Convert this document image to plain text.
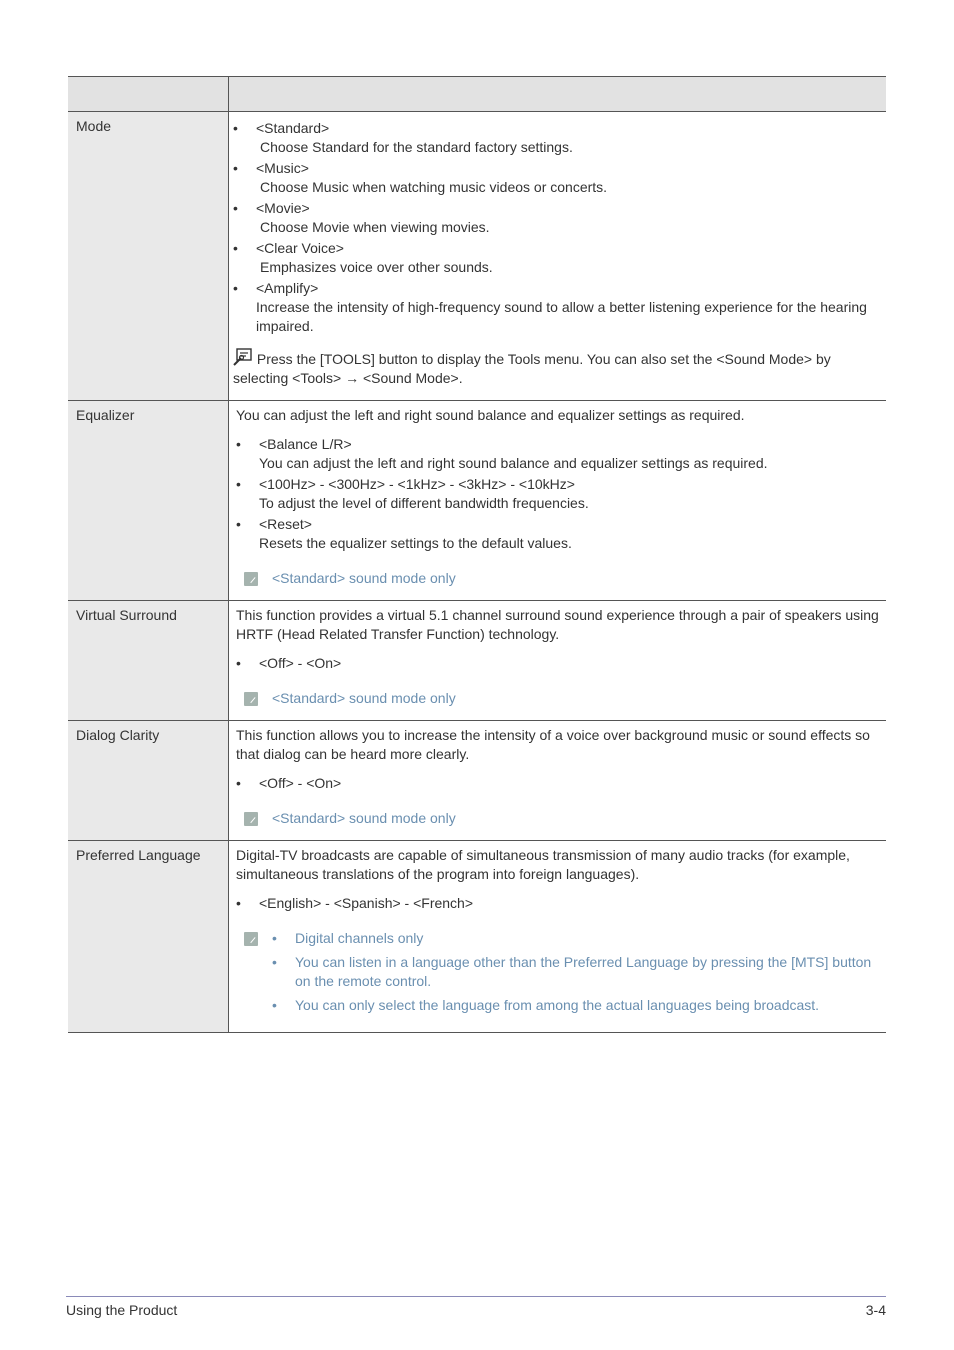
Mode
•	<Standard>
Choose Standard for the standard factory settings.
• <Music>
Choose Music when watching music videos or concerts.
• <Movie>
Choose Movie when viewing movies.
• <Clear Voice>
Emphasizes voice over other sounds.
• <Amplify>
Increase the intensity of high-frequency sound to allow a better listening experience for the hearing impaired.
Press the [TOOLS] button to display the Tools menu. You can also set the <Sound Mode> by selecting <Tools> → <Sound Mode>.
Equalizer	You can adjust the left and right sound balance and equalizer settings as required.

• <Balance L/R>
You can adjust the left and right sound balance and equalizer settings as required.
• <100Hz> - <300Hz> - <1kHz> - <3kHz> - <10kHz>
To adjust the level of different bandwidth frequencies.
• <Reset>
Resets the equalizer settings to the default values.
<Standard> sound mode only
Virtual Surround	This function provides a virtual 5.1 channel surround sound experience through a pair of speakers using HRTF (Head Related Transfer Function) technology.

• <Off> - <On>
<Standard> sound mode only
Dialog Clarity	This function allows you to increase the intensity of a voice over background music or sound effects so that dialog can be heard more clearly.

• <Off> - <On>
<Standard> sound mode only
Preferred Language	Digital-TV broadcasts are capable of simultaneous transmission of many audio tracks (for example, simultaneous translations of the program into foreign languages).

• <English> - <Spanish> - <French>
• Digital channels only
• You can listen in a language other than the Preferred Language by pressing the [MTS] button on the remote control.
• You can only select the language from among the actual languages being broadcast.
Using the Product	3-4
